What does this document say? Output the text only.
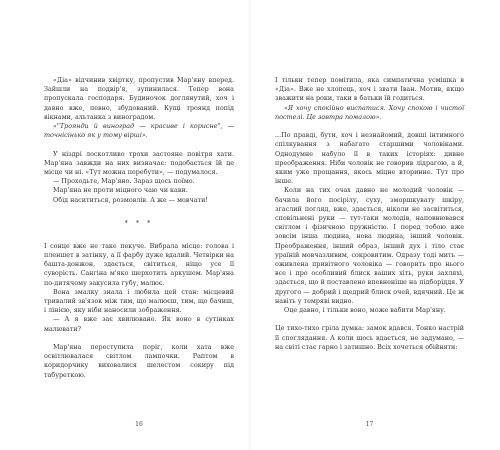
«Діа» відчинив хвіртку, пропустив Мар'яну вперед. Зайшли на подвір'я, зупинилася. Тепер вона пропускала господаря. Будиночок доглянутий, хоч і давно вже, певно, збудований. Кущі троянд попід вікнами, альтанка з виноградом.

«"Троянди й виноград — красиве і корисне", — точнісінько як у тому вірші».

У ніздрі лоскотливо трохи застояне повітря хати. Мар'яна завжди на них визначає: подобається їй це місце чи ні. «Тут можна перебути», — подумалося.

— Проходьте, Мар'яно. Зараз щось поїмо.

Мар'яна не проти міцного чаю чи кави.

Обід насититься, розмовлів. А же — мовчати!

* * *

І сонце вже не таке пекуче. Вибрала місце: голова і пленшет в затінку, а її фарбу дуже вдалий. Четвірки на башта-донжон, здається, світиться, ніщо усе її суворість. Сангіна м'яко шерхотить аркушем. Мар'яна по-дитячому закусила губу, малює.

Вона змалку знала і любила цей стан: місцевий тривалий зв'язок між тим, що малюєш, тим, що бачиш, і лінією, яку ніби наносили зображення.

— А я вже зає хвилюване. Як воно в сутінках малювати?

Мар'яна переступила поріг, коли хата вже освітлювалася світлом лампочки. Раптом в коридорчику виховалися шелестом сокиру під табуреткою.

16

І тільки тепер помітила, яка симпатична усмішка в «Діа». Вже не хлопець, хоч і звати Іван. Мотив, якщо зважити на роки, таки в батьки їй годиться.

«Я хочу спокійно виспатися. Хочу спокою і чистої постелі. Це завтра помалою».

...По правді, бути, хоч і незнайомий, довші інтимного спілкування з набагато старшими чоловіками. Однодумне набуло її в таких історіях: дивне преображення. Ніби чоловік не говорив лідрагою, а й, яким уже прощання, якось міцне вторинне. Тут про інше.

Коли на тих очах давно не молодий чоловік — бачила його посірілу, суху, зморшкувату шкіру, згаслий погляд, вже, здається, ніколи не засвітиться, сповільнені руки — тут-таки молодів, наповнювався світлом і фізичною пружністю. І перед тобою вже зовсім інша людина, нова людина, інший чоловік. Преображення, інший образ, інший дух і тіло стає ураїній мовчазливим, сокровитим. Одразу тоді мить — оживлена привітного чоловіка — говорить про нього все і про особливий блиск ваших хіть, руки захляхі, здається, що й поставлено впевненіше на підборіддя. У другого — добрий і щедрий блиск очей, вдячний. Це ж навіть у темряві видно.

Оце давно, і тільки воно, може вабити Мар'яну.

Це тихо-тихо гріла думка: замок вдався. Тонко настрій її споглядання. А коли щось вдається, не задумано, — на світі стає гарно і затишно. Всіх хочеться обійняти:

17
